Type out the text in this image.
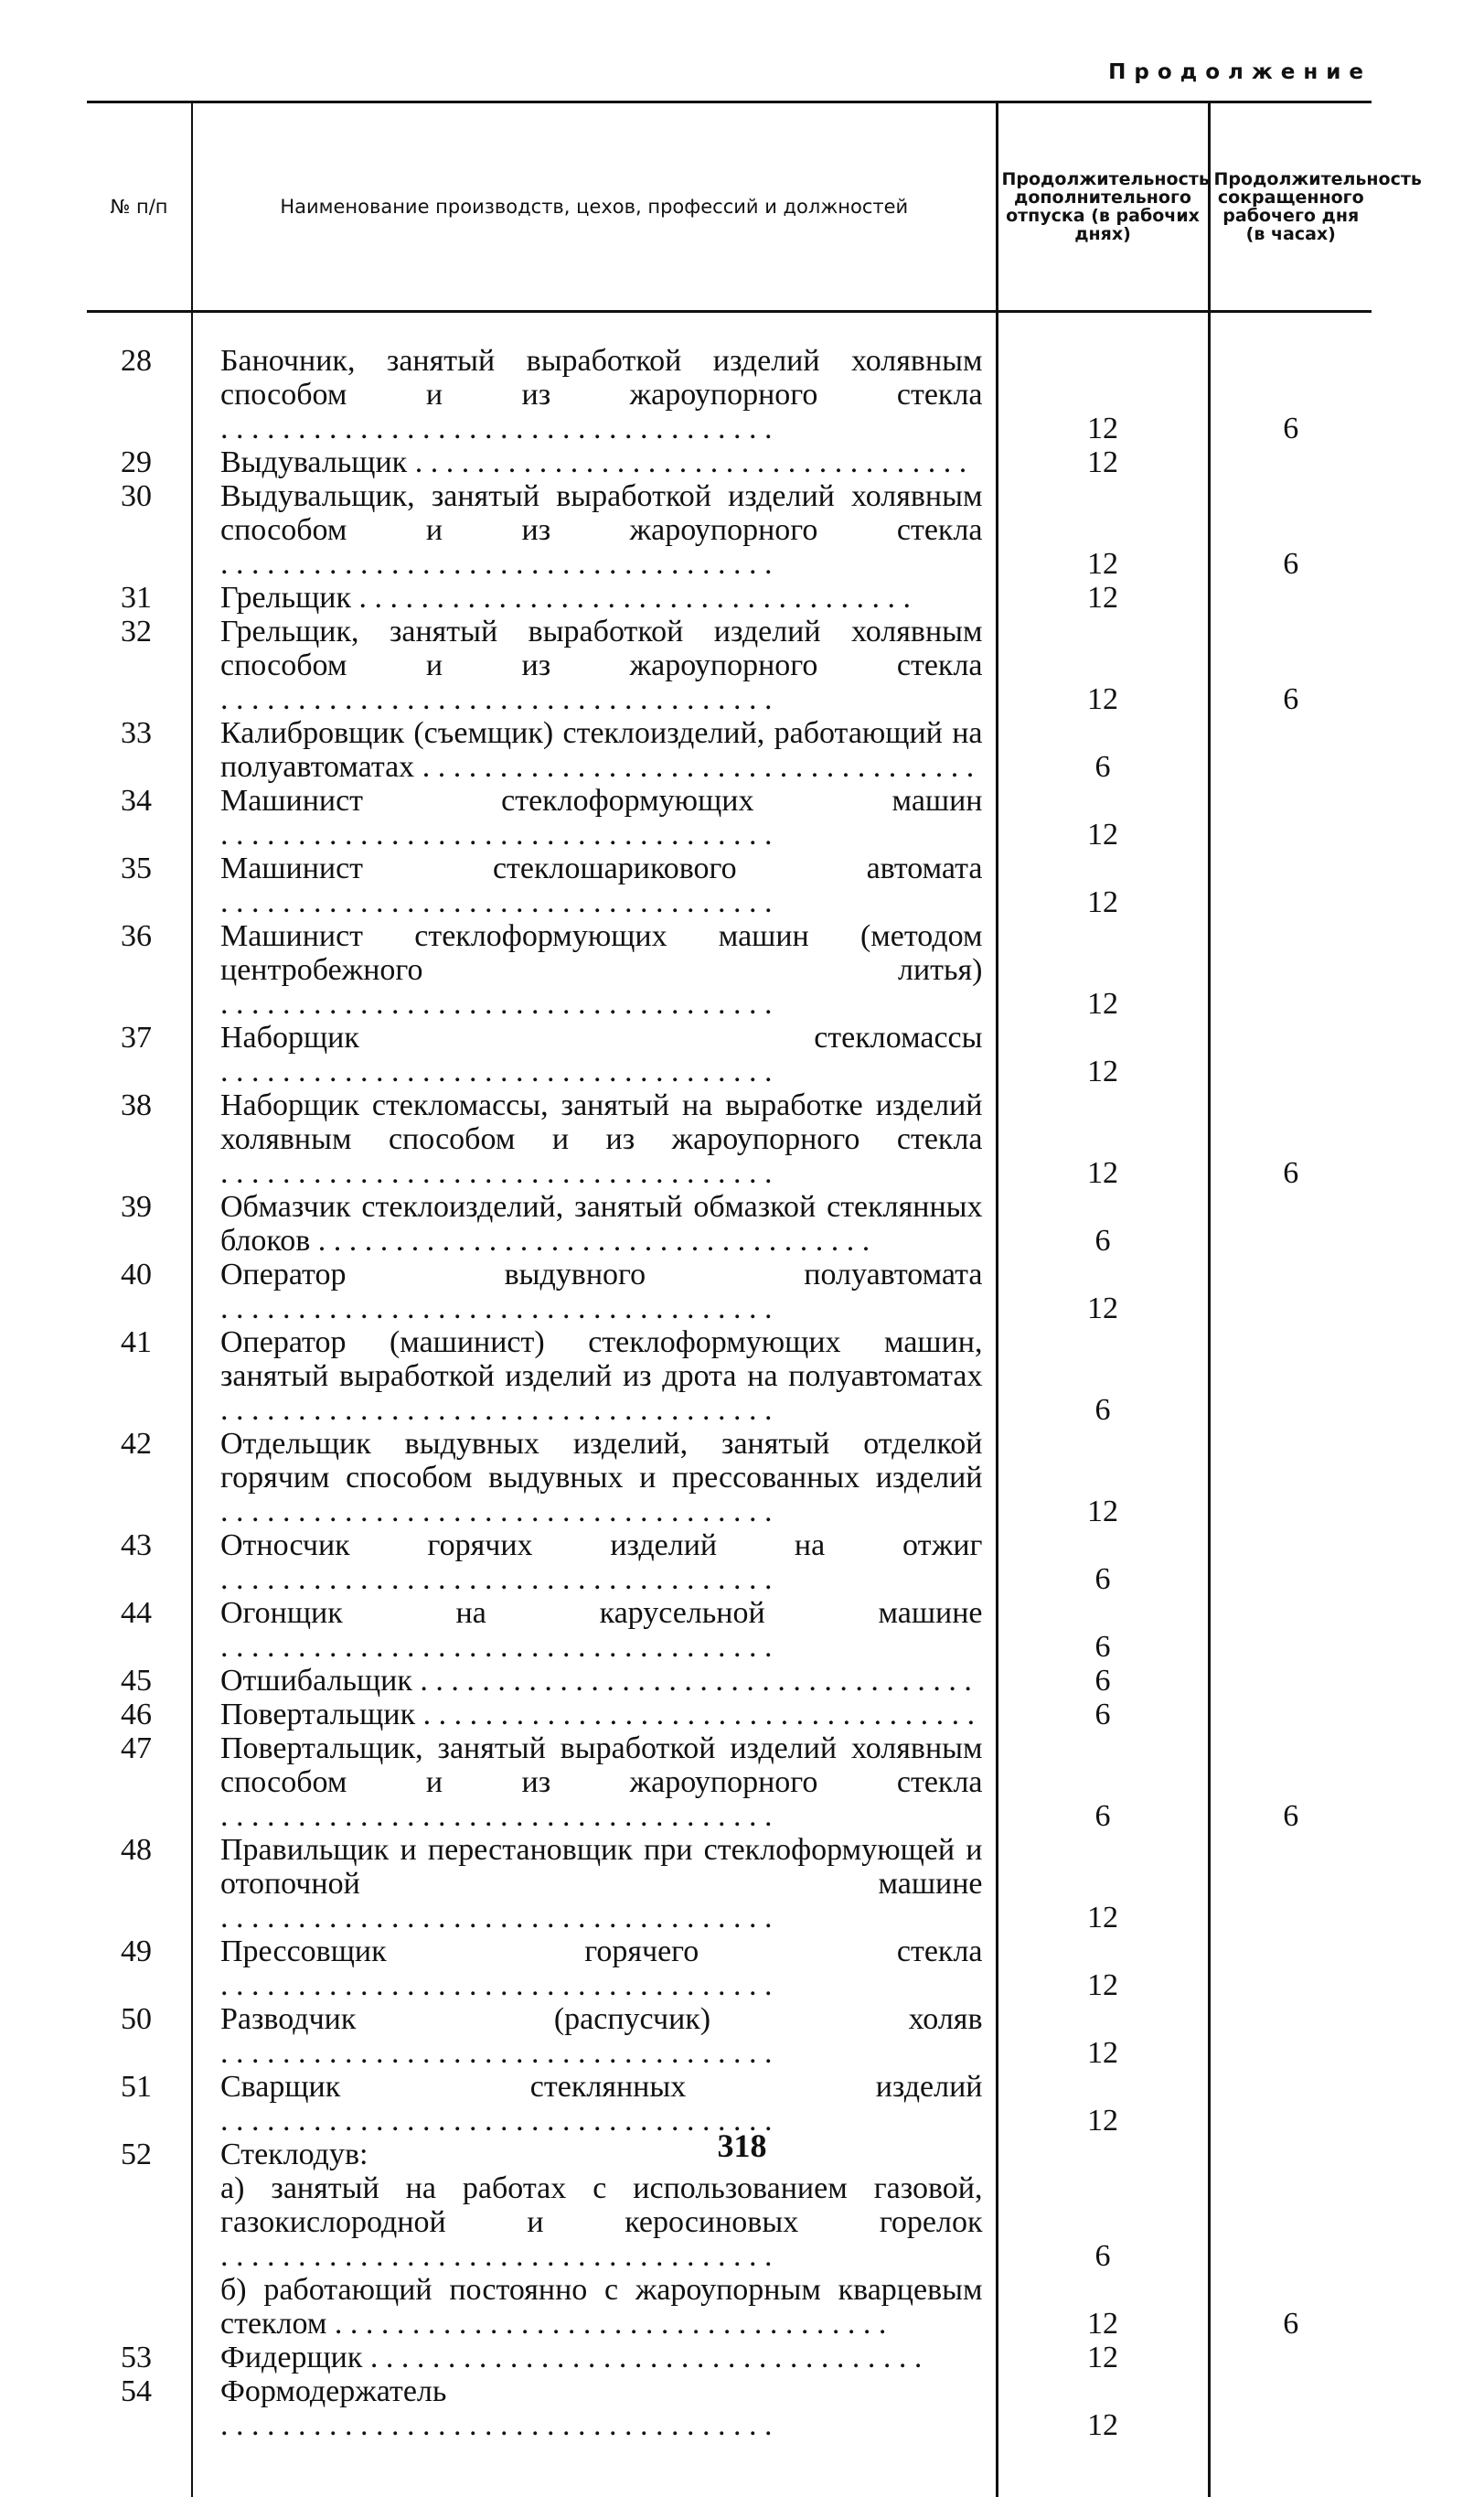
Продолжение
№ п/п	Наименование производств, цехов, профессий и должностей	Продолжительность дополнительного отпуска (в рабочих днях)	Продолжительность сокращенного рабочего дня (в часах)

28	Баночник, занятый выработкой изделий холявным способом и из жароупорного стекла . . .	12	6
29	Выдувальщик . . .	12	
30	Выдувальщик, занятый выработкой изделий холявным способом и из жароупорного стекла . . .	12	6
31	Грельщик . . .	12	
32	Грельщик, занятый выработкой изделий холявным способом и из жароупорного стекла . . .	12	6
33	Калибровщик (съемщик) стеклоизделий, работающий на полуавтоматах . . .	6	
34	Машинист стеклоформующих машин . . .	12	
35	Машинист стеклошарикового автомата . . .	12	
36	Машинист стеклоформующих машин (методом центробежного литья) . . .	12	
37	Наборщик стекломассы . . .	12	
38	Наборщик стекломассы, занятый на выработке изделий холявным способом и из жароупорного стекла . . .	12	6
39	Обмазчик стеклоизделий, занятый обмазкой стеклянных блоков . . .	6	
40	Оператор выдувного полуавтомата . . .	12	
41	Оператор (машинист) стеклоформующих машин, занятый выработкой изделий из дрота на полуавтоматах . . .	6	
42	Отдельщик выдувных изделий, занятый отделкой горячим способом выдувных и прессованных изделий . . .	12	
43	Относчик горячих изделий на отжиг . . .	6	
44	Огонщик на карусельной машине . . .	6	
45	Отшибальщик . . .	6	
46	Повертальщик . . .	6	
47	Повертальщик, занятый выработкой изделий холявным способом и из жароупорного стекла . . .	6	6
48	Правильщик и перестановщик при стеклоформующей и отопочной машине . . .	12	
49	Прессовщик горячего стекла . . .	12	
50	Разводчик (распусчик) холяв . . .	12	
51	Сварщик стеклянных изделий . . .	12	
52	Стеклодув:		
	а) занятый на работах с использованием газовой, газокислородной и керосиновых горелок . . .	6	
	б) работающий постоянно с жароупорным кварцевым стеклом . . .	12	6
53	Фидерщик . . .	12	
54	Формодержатель . . .	12	

318
